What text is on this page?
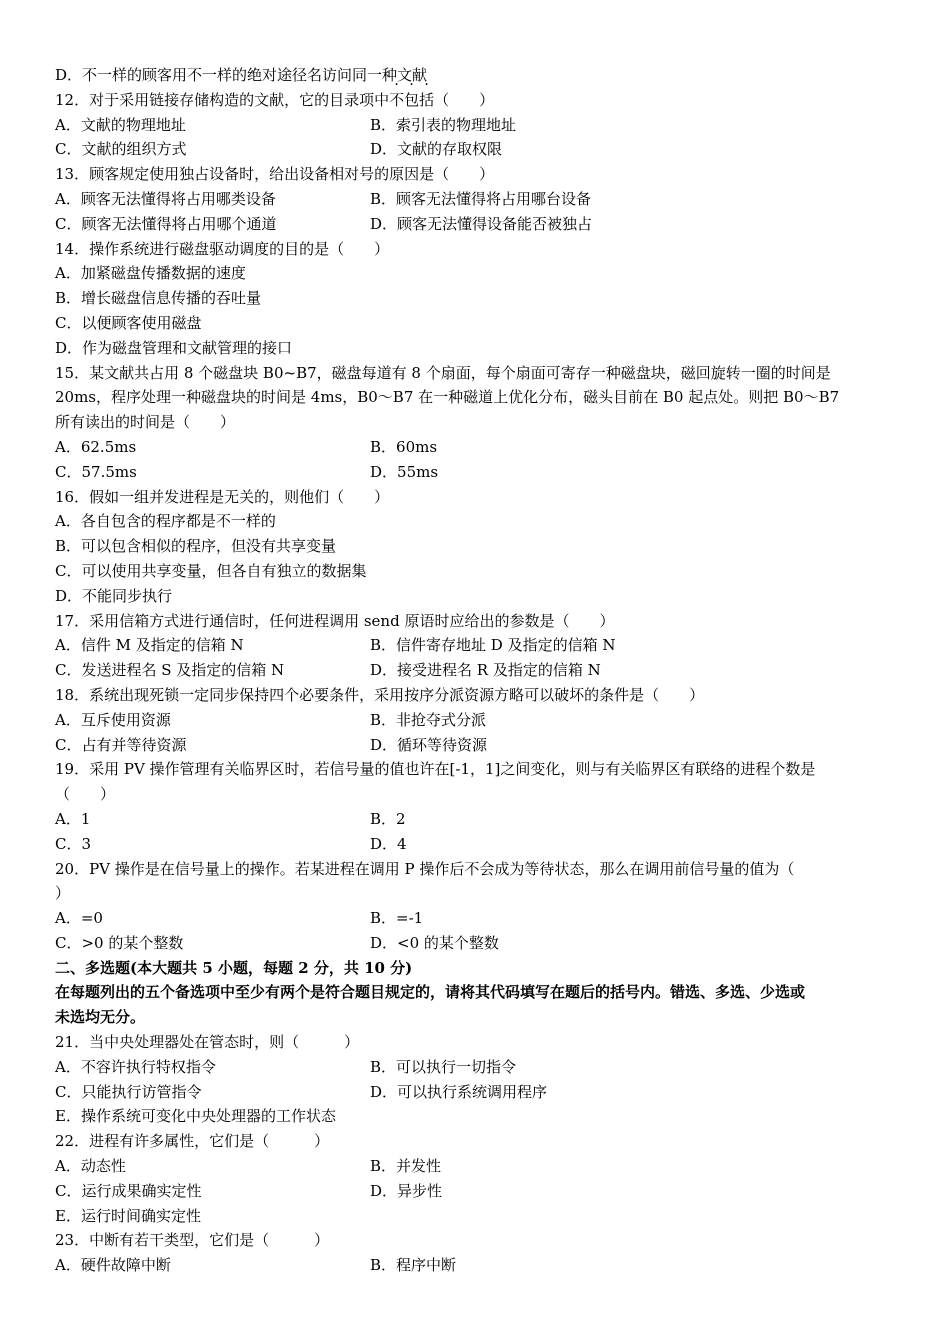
D．不一样的顾客用不一样的绝对途径名访问同一种文献
12．对于采用链接存储构造的文献，它的目录项中不包括（　　）
A．文献的物理地址	B．索引表的物理地址
C．文献的组织方式	D．文献的存取权限
13．顾客规定使用独占设备时，给出设备相对号的原因是（　　）
A．顾客无法懂得将占用哪类设备	B．顾客无法懂得将占用哪台设备
C．顾客无法懂得将占用哪个通道	D．顾客无法懂得设备能否被独占
14．操作系统进行磁盘驱动调度的目的是（　　）
A．加紧磁盘传播数据的速度
B．增长磁盘信息传播的吞吐量
C．以便顾客使用磁盘
D．作为磁盘管理和文献管理的接口
15．某文献共占用 8 个磁盘块 B0~B7，磁盘每道有 8 个扇面，每个扇面可寄存一种磁盘块，磁回旋转一圈的时间是
20ms，程序处理一种磁盘块的时间是 4ms，B0～B7 在一种磁道上优化分布，磁头目前在 B0 起点处。则把 B0～B7
所有读出的时间是（　　）
A．62.5ms	B．60ms
C．57.5ms	D．55ms
16．假如一组并发进程是无关的，则他们（　　）
A．各自包含的程序都是不一样的
B．可以包含相似的程序，但没有共享变量
C．可以使用共享变量，但各自有独立的数据集
D．不能同步执行
17．采用信箱方式进行通信时，任何进程调用 send 原语时应给出的参数是（　　）
A．信件 M 及指定的信箱 N	B．信件寄存地址 D 及指定的信箱 N
C．发送进程名 S 及指定的信箱 N	D．接受进程名 R 及指定的信箱 N
18．系统出现死锁一定同步保持四个必要条件，采用按序分派资源方略可以破坏的条件是（　　）
A．互斥使用资源	B．非抢夺式分派
C．占有并等待资源	D．循环等待资源
19．采用 PV 操作管理有关临界区时，若信号量的值也许在[-1，1]之间变化，则与有关临界区有联络的进程个数是
（　　）
A．1	B．2
C．3	D．4
20．PV 操作是在信号量上的操作。若某进程在调用 P 操作后不会成为等待状态，那么在调用前信号量的值为（
）
A．=0	B．=-1
C．>0 的某个整数	D．<0 的某个整数
二、多选题(本大题共 5 小题，每题 2 分，共 10 分)
在每题列出的五个备选项中至少有两个是符合题目规定的，请将其代码填写在题后的括号内。错选、多选、少选或
未选均无分。
21．当中央处理器处在管态时，则（　　　）
A．不容许执行特权指令	B．可以执行一切指令
C．只能执行访管指令	D．可以执行系统调用程序
E．操作系统可变化中央处理器的工作状态
22．进程有许多属性，它们是（　　　）
A．动态性	B．并发性
C．运行成果确实定性	D．异步性
E．运行时间确实定性
23．中断有若干类型，它们是（　　　）
A．硬件故障中断	B．程序中断
